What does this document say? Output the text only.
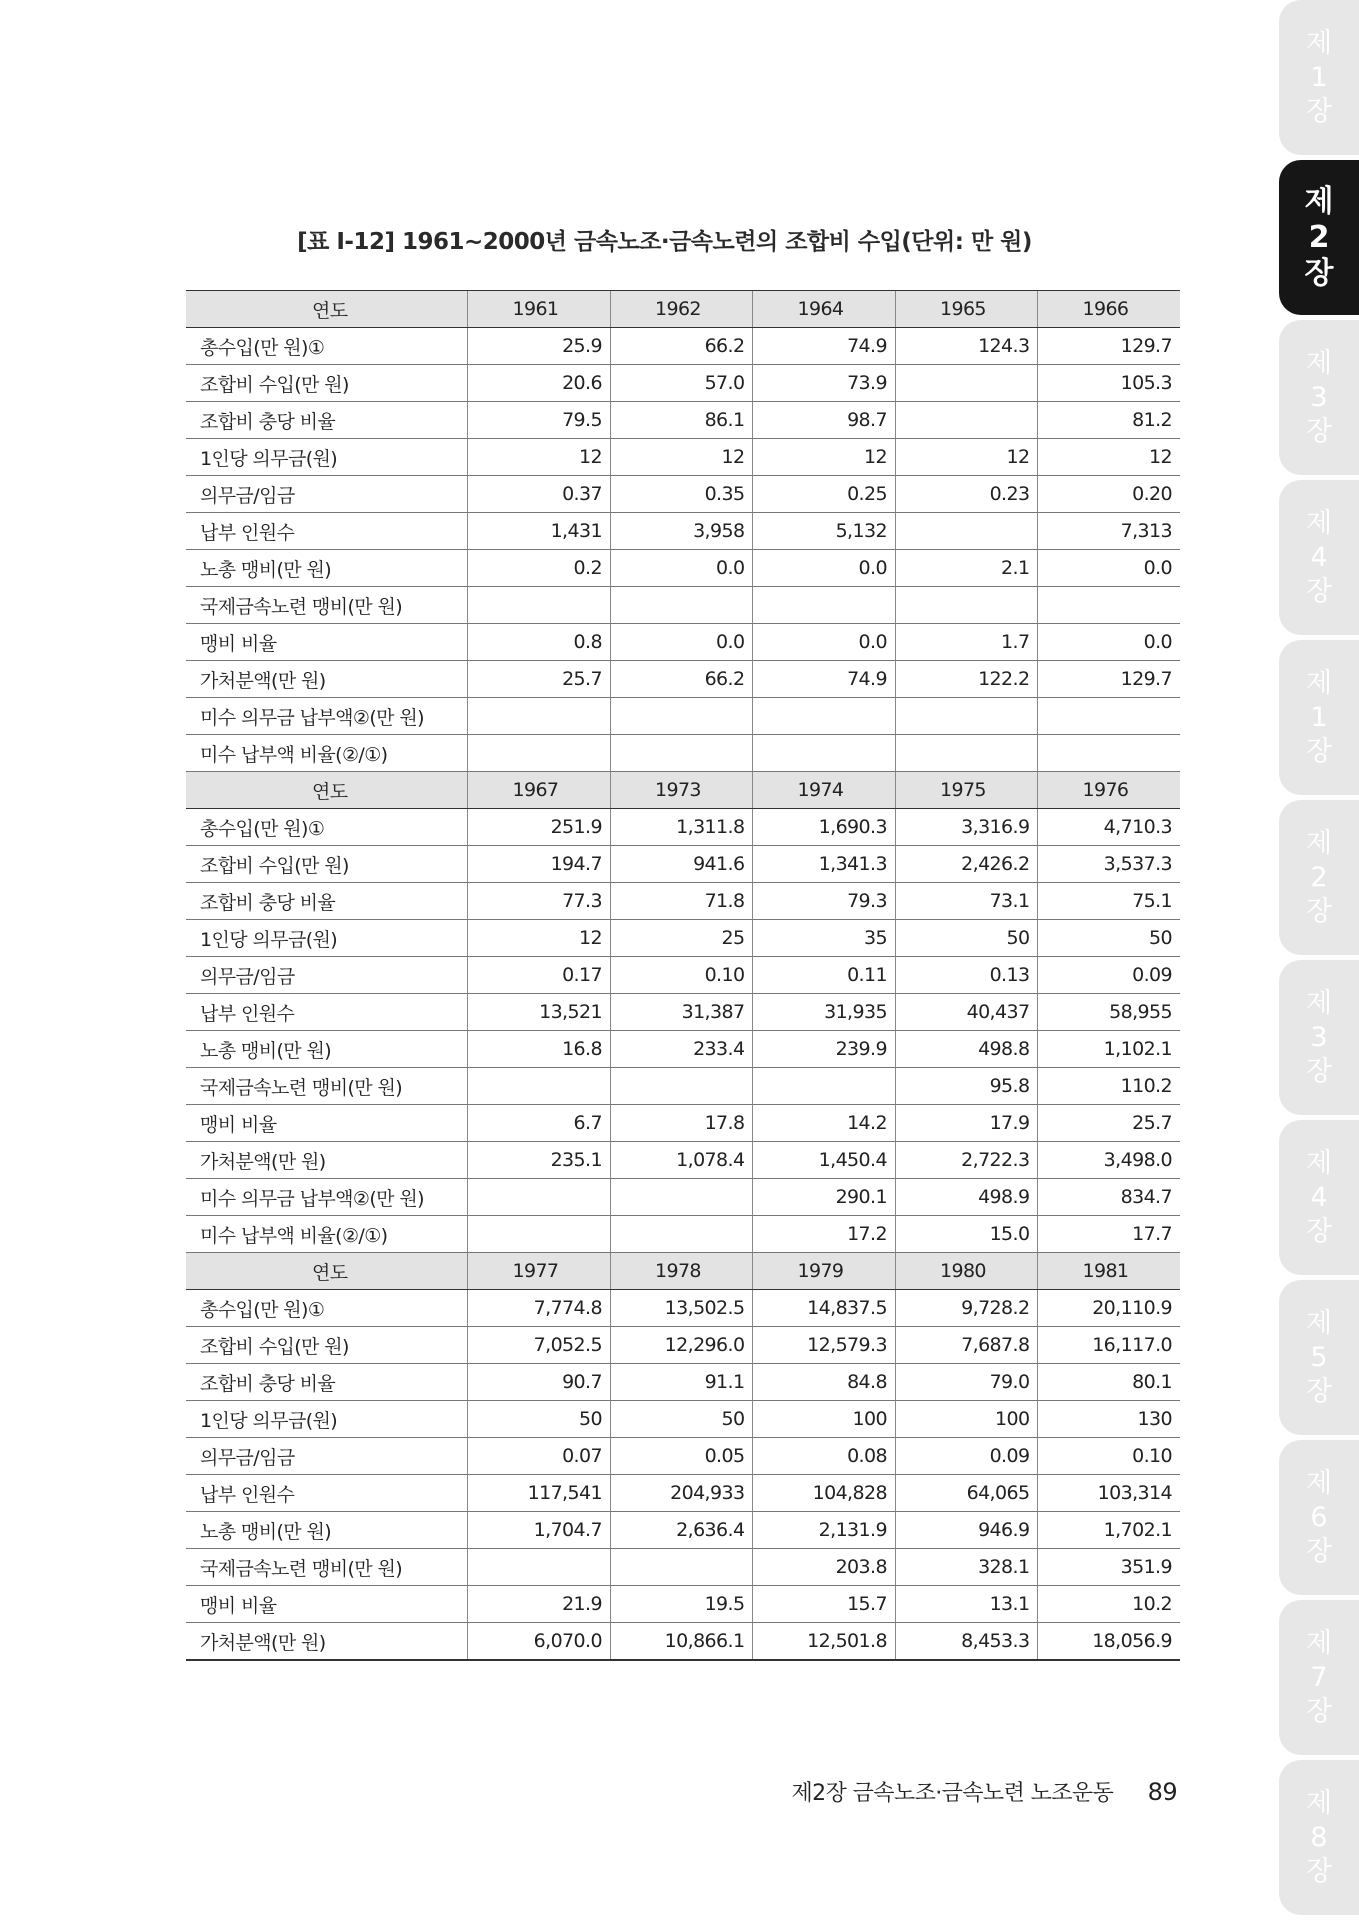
[표 Ⅰ-12] 1961~2000년 금속노조·금속노련의 조합비 수입(단위: 만 원)
연도	1961	1962	1964	1965	1966
총수입(만 원)①	25.9	66.2	74.9	124.3	129.7
조합비 수입(만 원)	20.6	57.0	73.9		105.3
조합비 충당 비율	79.5	86.1	98.7		81.2
1인당 의무금(원)	12	12	12	12	12
의무금/임금	0.37	0.35	0.25	0.23	0.20
납부 인원수	1,431	3,958	5,132		7,313
노총 맹비(만 원)	0.2	0.0	0.0	2.1	0.0
국제금속노련 맹비(만 원)					
맹비 비율	0.8	0.0	0.0	1.7	0.0
가처분액(만 원)	25.7	66.2	74.9	122.2	129.7
미수 의무금 납부액②(만 원)					
미수 납부액 비율(②/①)					
연도	1967	1973	1974	1975	1976
총수입(만 원)①	251.9	1,311.8	1,690.3	3,316.9	4,710.3
조합비 수입(만 원)	194.7	941.6	1,341.3	2,426.2	3,537.3
조합비 충당 비율	77.3	71.8	79.3	73.1	75.1
1인당 의무금(원)	12	25	35	50	50
의무금/임금	0.17	0.10	0.11	0.13	0.09
납부 인원수	13,521	31,387	31,935	40,437	58,955
노총 맹비(만 원)	16.8	233.4	239.9	498.8	1,102.1
국제금속노련 맹비(만 원)				95.8	110.2
맹비 비율	6.7	17.8	14.2	17.9	25.7
가처분액(만 원)	235.1	1,078.4	1,450.4	2,722.3	3,498.0
미수 의무금 납부액②(만 원)			290.1	498.9	834.7
미수 납부액 비율(②/①)			17.2	15.0	17.7
연도	1977	1978	1979	1980	1981
총수입(만 원)①	7,774.8	13,502.5	14,837.5	9,728.2	20,110.9
조합비 수입(만 원)	7,052.5	12,296.0	12,579.3	7,687.8	16,117.0
조합비 충당 비율	90.7	91.1	84.8	79.0	80.1
1인당 의무금(원)	50	50	100	100	130
의무금/임금	0.07	0.05	0.08	0.09	0.10
납부 인원수	117,541	204,933	104,828	64,065	103,314
노총 맹비(만 원)	1,704.7	2,636.4	2,131.9	946.9	1,702.1
국제금속노련 맹비(만 원)			203.8	328.1	351.9
맹비 비율	21.9	19.5	15.7	13.1	10.2
가처분액(만 원)	6,070.0	10,866.1	12,501.8	8,453.3	18,056.9
제2장 금속노조·금속노련 노조운동 89
제
1
장
제
2
장
제
3
장
제
4
장
제
1
장
제
2
장
제
3
장
제
4
장
제
5
장
제
6
장
제
7
장
제
8
장
